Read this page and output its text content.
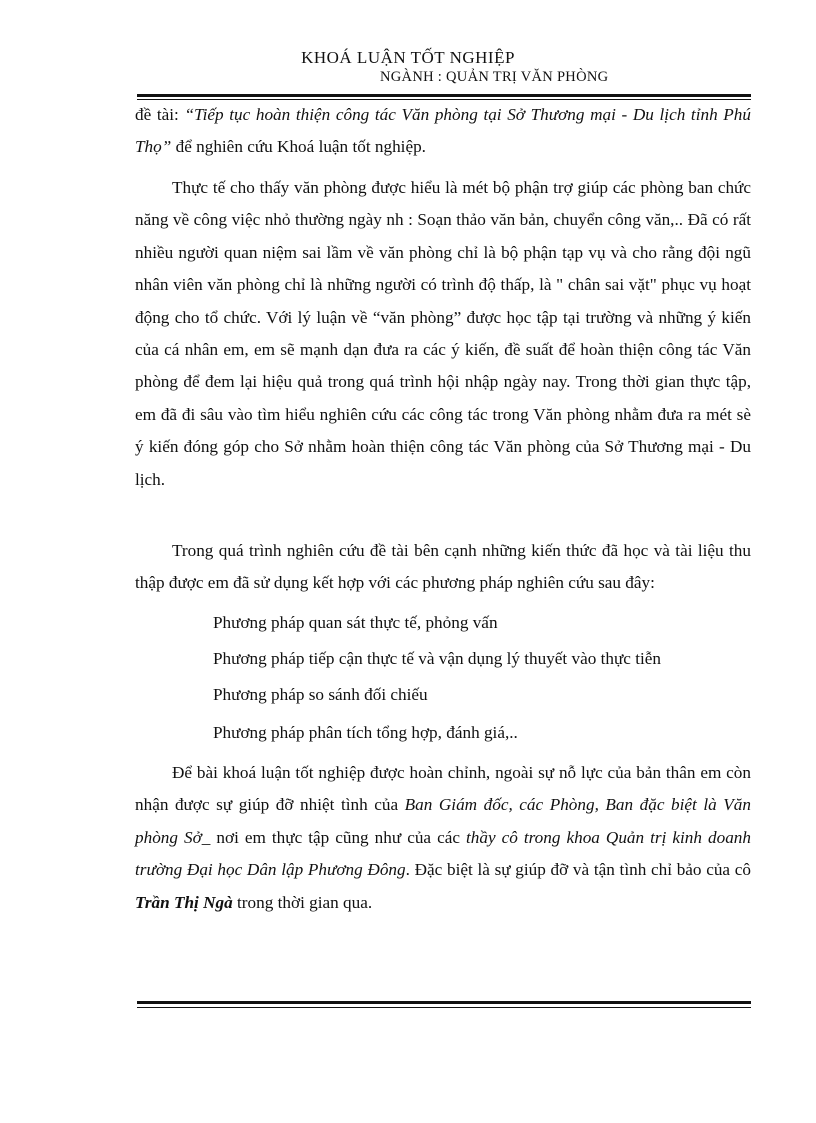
KHOÁ LUẬN TỐT NGHIỆP
NGÀNH : QUẢN TRỊ VĂN PHÒNG

đề tài: “Tiếp tục hoàn thiện công tác Văn phòng tại Sở Thương mại - Du lịch tỉnh Phú Thọ” để nghiên cứu Khoá luận tốt nghiệp.

Thực tế cho thấy văn phòng được hiểu là mét bộ phận trợ giúp các phòng ban chức năng về công việc nhỏ thường ngày nh : Soạn thảo văn bản, chuyển công văn,.. Đã có rất nhiều người quan niệm sai lầm về văn phòng chỉ là bộ phận tạp vụ và cho rằng đội ngũ nhân viên văn phòng chỉ là những người có trình độ thấp, là " chân sai vặt" phục vụ hoạt động cho tổ chức. Với lý luận về “văn phòng” được học tập tại trường và những ý kiến của cá nhân em, em sẽ mạnh dạn đưa ra các ý kiến, đề suất để hoàn thiện công tác Văn phòng để đem lại hiệu quả trong quá trình hội nhập ngày nay. Trong thời gian thực tập, em đã đi sâu vào tìm hiểu nghiên cứu các công tác trong Văn phòng nhằm đưa ra mét sè ý kiến đóng góp cho Sở nhằm hoàn thiện công tác Văn phòng của Sở Thương mại - Du lịch.

Trong quá trình nghiên cứu đề tài bên cạnh những kiến thức đã học và tài liệu thu thập được em đã sử dụng kết hợp với các phương pháp nghiên cứu sau đây:

Phương pháp quan sát thực tế, phỏng vấn

Phương pháp tiếp cận thực tế và vận dụng lý thuyết vào thực tiễn

Phương pháp so sánh đối chiếu

Phương pháp phân tích tổng hợp, đánh giá,..

Để bài khoá luận tốt nghiệp được hoàn chỉnh, ngoài sự nỗ lực của bản thân em còn nhận được sự giúp đỡ nhiệt tình của Ban Giám đốc, các Phòng, Ban đặc biệt là Văn phòng Sở_ nơi em thực tập cũng như của các thầy cô trong khoa Quản trị kinh doanh trường Đại học Dân lập Phương Đông. Đặc biệt là sự giúp đỡ và tận tình chỉ bảo của cô Trần Thị Ngà trong thời gian qua.
